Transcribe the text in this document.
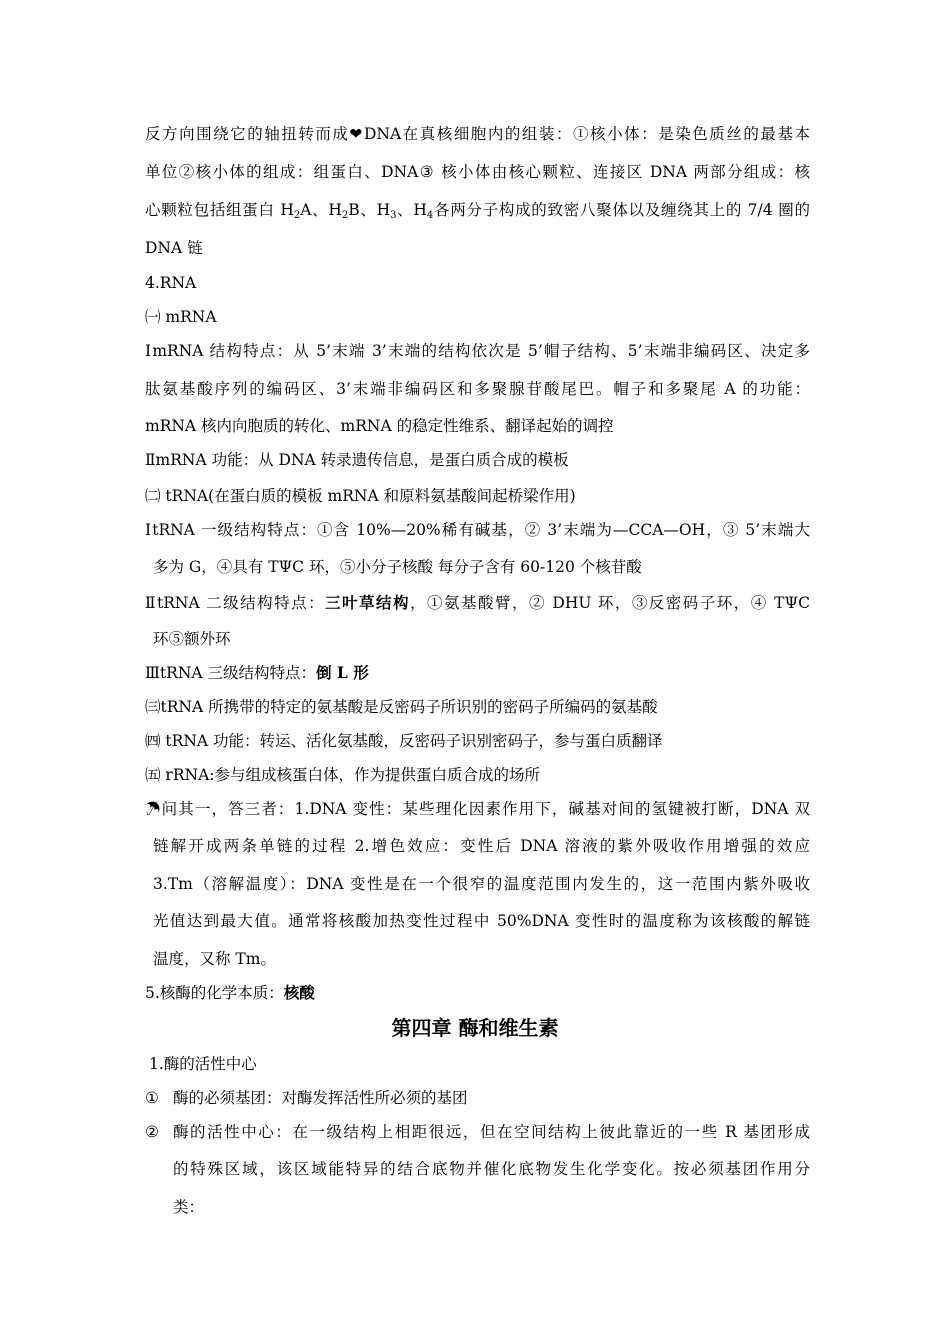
反方向围绕它的轴扭转而成❤DNA在真核细胞内的组装：①核小体：是染色质丝的最基本
单位②核小体的组成：组蛋白、DNA③ 核小体由核心颗粒、连接区 DNA 两部分组成：核
心颗粒包括组蛋白 $H_2A$、$H_2B$、$H_3$、$H_4$各两分子构成的致密八聚体以及缠绕其上的 7/4 圈的
DNA 链
4.RNA
㈠ mRNA
ⅠmRNA 结构特点：从 5’末端 3’末端的结构依次是 5’帽子结构、5’末端非编码区、决定多
肽氨基酸序列的编码区、3’末端非编码区和多聚腺苷酸尾巴。帽子和多聚尾 A 的功能：
mRNA 核内向胞质的转化、mRNA 的稳定性维系、翻译起始的调控
ⅡmRNA 功能：从 DNA 转录遗传信息，是蛋白质合成的模板
㈡ tRNA(在蛋白质的模板 mRNA 和原料氨基酸间起桥梁作用)
ⅠtRNA 一级结构特点：①含 10%—20%稀有碱基，② 3’末端为—CCA—OH，③ 5’末端大
多为 G，④具有 TΨC 环，⑤小分子核酸 每分子含有 60-120 个核苷酸
ⅡtRNA 二级结构特点：三叶草结构，①氨基酸臂，② DHU 环，③反密码子环，④ TΨC
环⑤额外环
ⅢtRNA 三级结构特点：倒 L 形
㈢tRNA 所携带的特定的氨基酸是反密码子所识别的密码子所编码的氨基酸
㈣ tRNA 功能：转运、活化氨基酸，反密码子识别密码子，参与蛋白质翻译
㈤ rRNA:参与组成核蛋白体，作为提供蛋白质合成的场所
☂问其一，答三者：1.DNA 变性：某些理化因素作用下，碱基对间的氢键被打断，DNA 双
链解开成两条单链的过程 2.增色效应：变性后 DNA 溶液的紫外吸收作用增强的效应
3.Tm（溶解温度）：DNA 变性是在一个很窄的温度范围内发生的，这一范围内紫外吸收
光值达到最大值。通常将核酸加热变性过程中 50%DNA 变性时的温度称为该核酸的解链
温度，又称 Tm。
5.核酶的化学本质：核酸
第四章 酶和维生素
1.酶的活性中心
① 酶的必须基团：对酶发挥活性所必须的基团
② 酶的活性中心：在一级结构上相距很远，但在空间结构上彼此靠近的一些 R 基团形成
的特殊区域，该区域能特异的结合底物并催化底物发生化学变化。按必须基团作用分
类：
